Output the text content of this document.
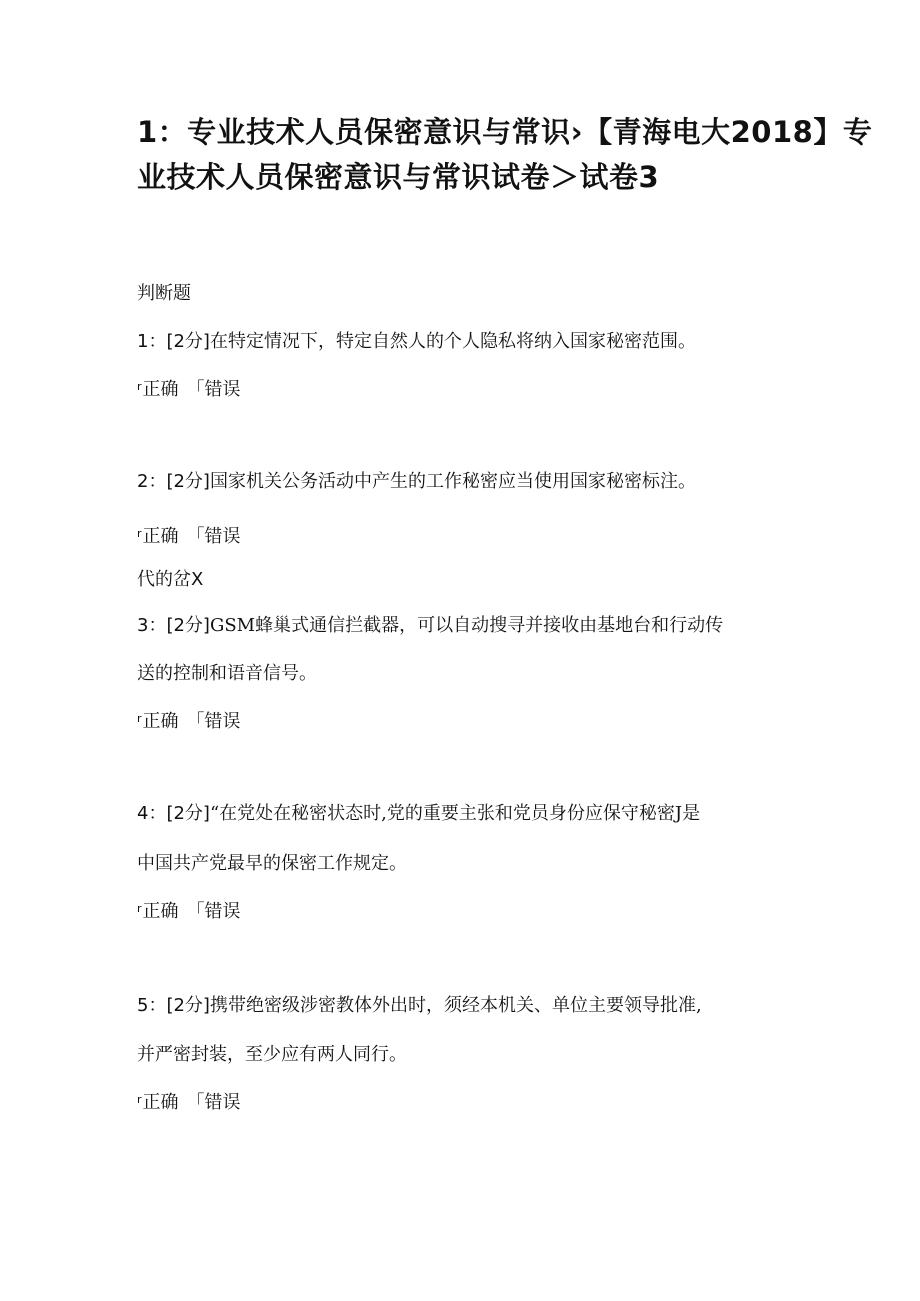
1：专业技术人员保密意识与常识›【青海电大2018】专
业技术人员保密意识与常识试卷＞试卷3
判断题
1：[2分]在特定情况下，特定自然人的个人隐私将纳入国家秘密范围。
$^r$正确 「错误
2：[2分]国家机关公务活动中产生的工作秘密应当使用国家秘密标注。
$^r$正确 「错误
代的岔X
3：[2分]GSM蜂巢式通信拦截器，可以自动搜寻并接收由基地台和行动传
送的控制和语音信号。
$^r$正确 「错误
4：[2分]“在党处在秘密状态时,党的重要主张和党员身份应保守秘密J是
中国共产党最早的保密工作规定。
$^r$正确 「错误
5：[2分]携带绝密级涉密教体外出时，须经本机关、单位主要领导批准,
并严密封装，至少应有两人同行。
$^r$正确 「错误
